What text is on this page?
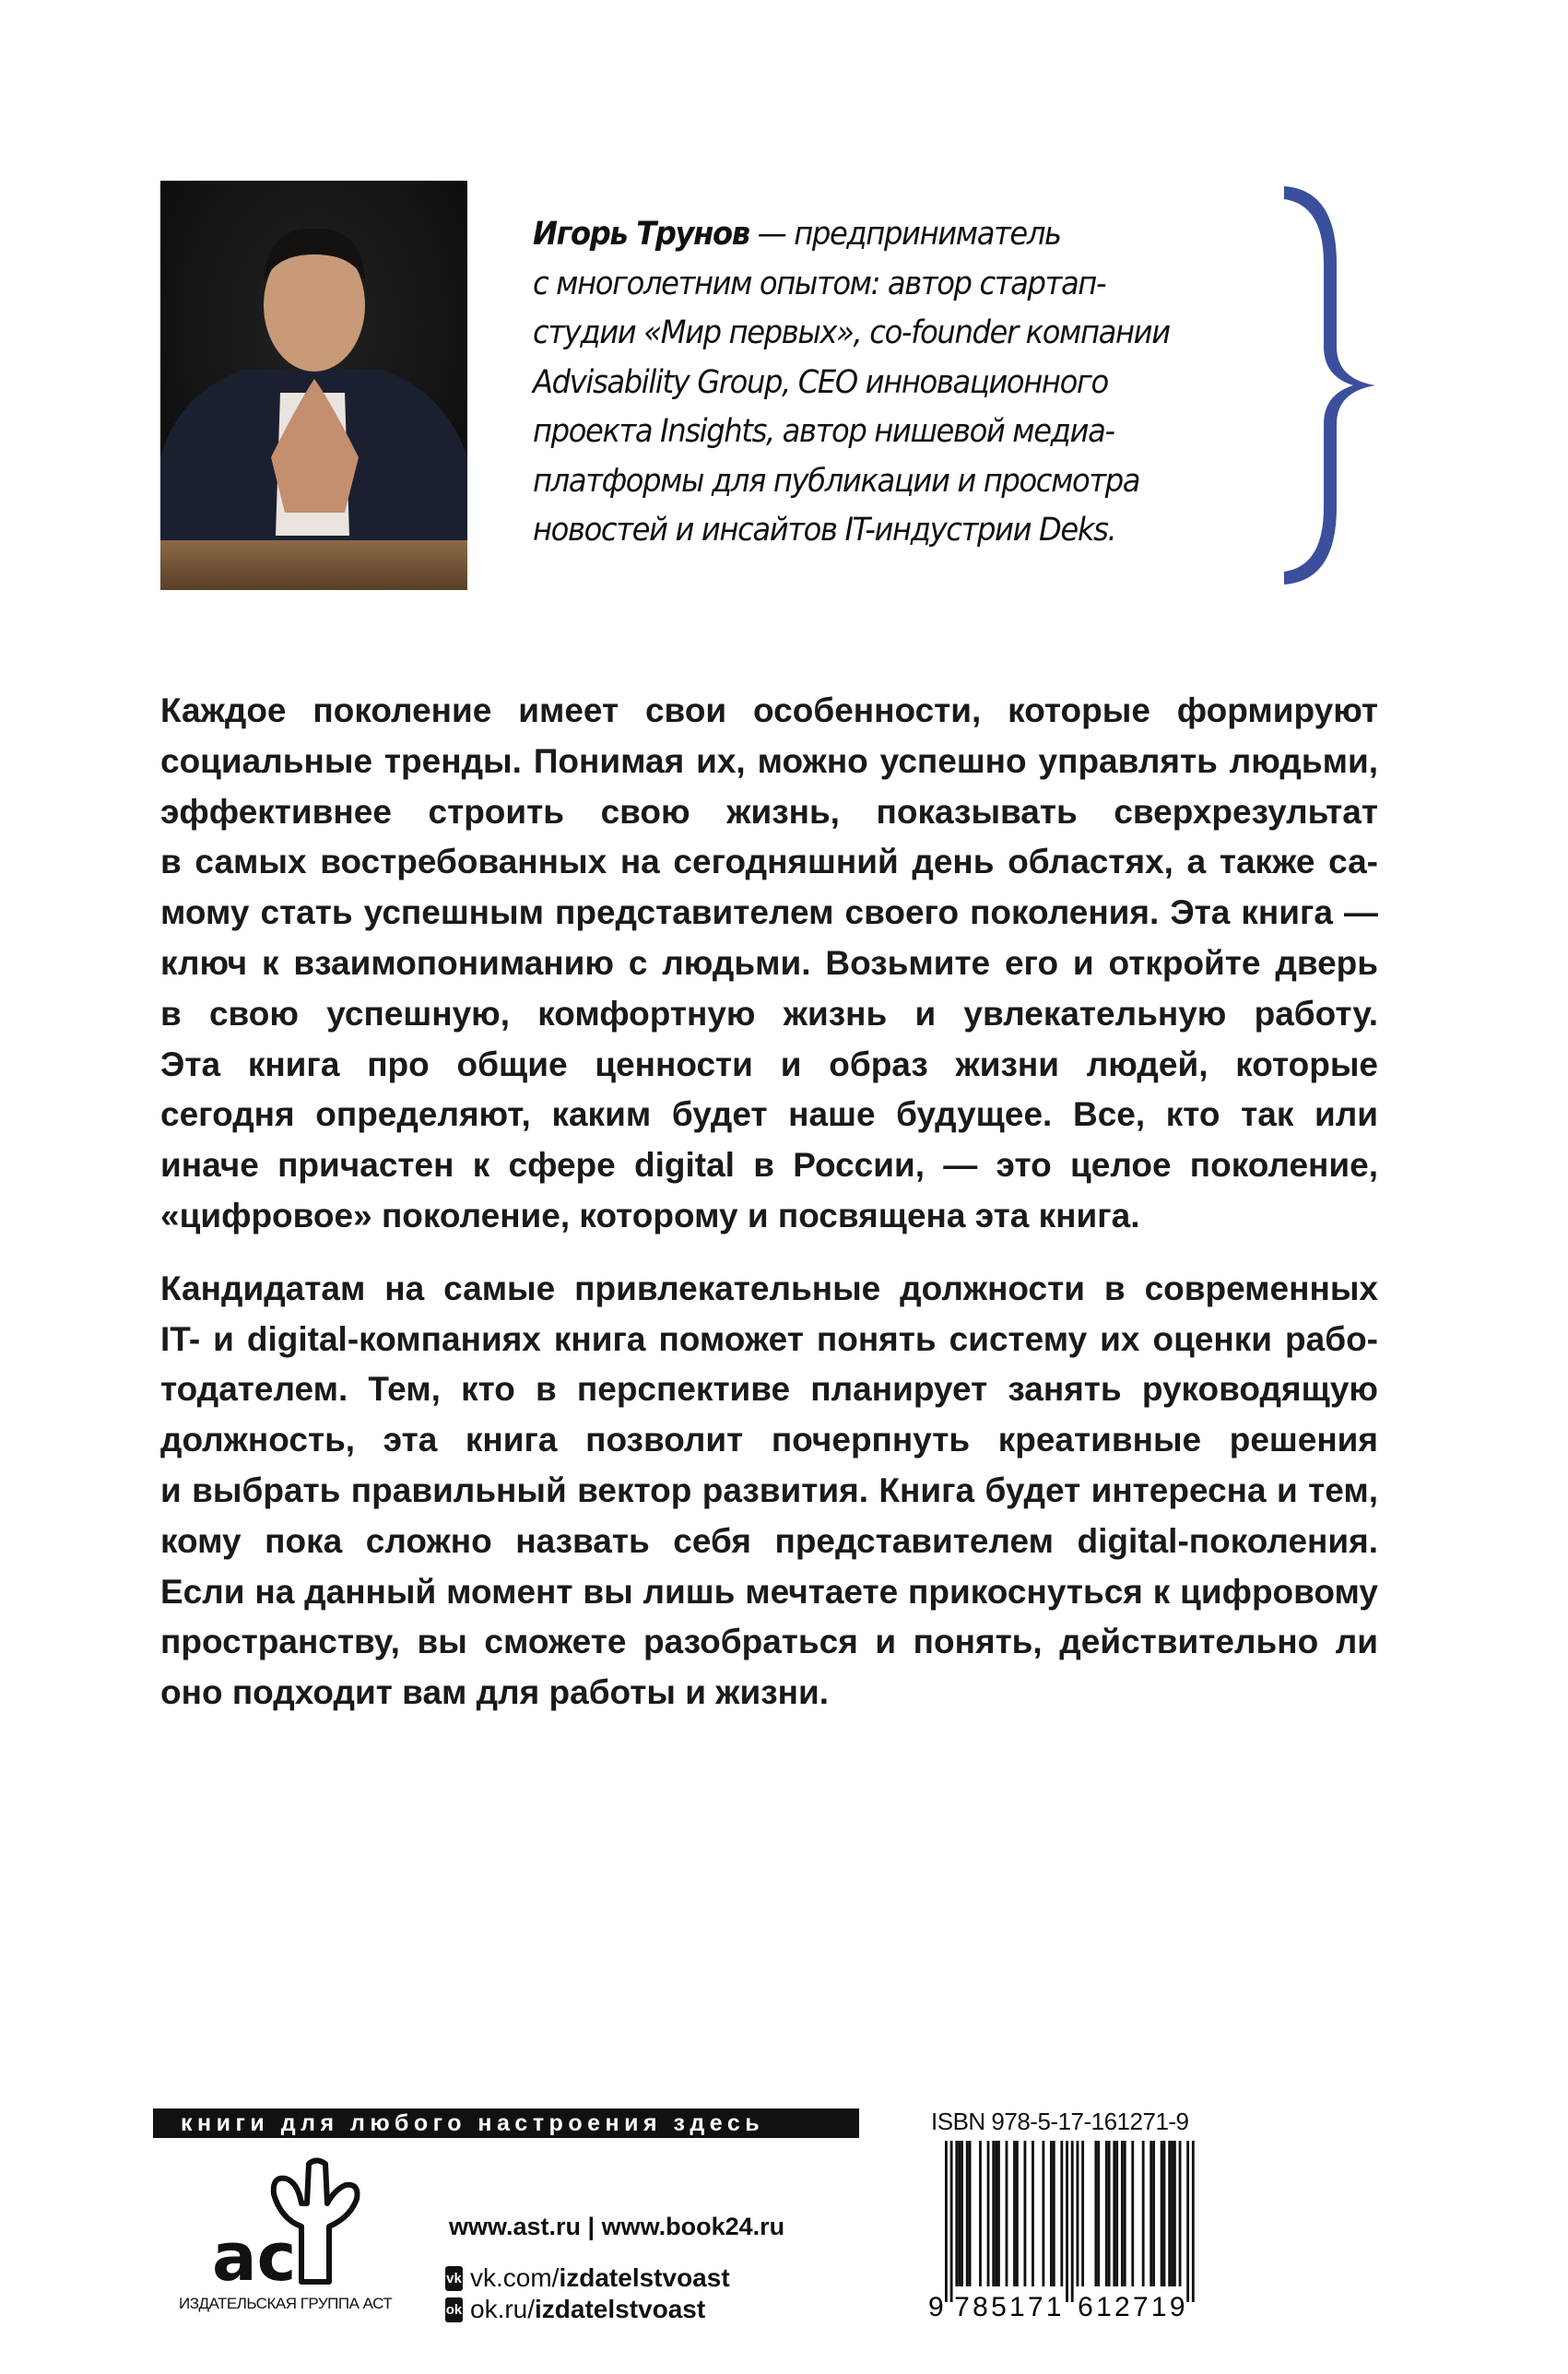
Игорь Трунов — предприниматель
с многолетним опытом: автор стартап-
студии «Мир первых», co-founder компании
Advisability Group, CEO инновационного
проекта Insights, автор нишевой медиа-
платформы для публикации и просмотра
новостей и инсайтов IT-индустрии Deks.
Каждое поколение имеет свои особенности, которые формируют
социальные тренды. Понимая их, можно успешно управлять людьми,
эффективнее строить свою жизнь, показывать сверхрезультат
в самых востребованных на сегодняшний день областях, а также са-
мому стать успешным представителем своего поколения. Эта книга —
ключ к взаимопониманию с людьми. Возьмите его и откройте дверь
в свою успешную, комфортную жизнь и увлекательную работу.
Эта книга про общие ценности и образ жизни людей, которые
сегодня определяют, каким будет наше будущее. Все, кто так или
иначе причастен к сфере digital в России, — это целое поколение,
«цифровое» поколение, которому и посвящена эта книга.
Кандидатам на самые привлекательные должности в современных
IT- и digital-компаниях книга поможет понять систему их оценки рабо-
тодателем. Тем, кто в перспективе планирует занять руководящую
должность, эта книга позволит почерпнуть креативные решения
и выбрать правильный вектор развития. Книга будет интересна и тем,
кому пока сложно назвать себя представителем digital-поколения.
Если на данный момент вы лишь мечтаете прикоснуться к цифровому
пространству, вы сможете разобраться и понять, действительно ли
оно подходит вам для работы и жизни.
книги для любого настроения здесь
ac
ИЗДАТЕЛЬСКАЯ ГРУППА АСТ
www.ast.ru | www.book24.ru
vk vk.com/izdatelstvoast
ok ok.ru/izdatelstvoast
ISBN 978-5-17-161271-9
9 7 8 5 1 7 1 6 1 2 7 1 9
